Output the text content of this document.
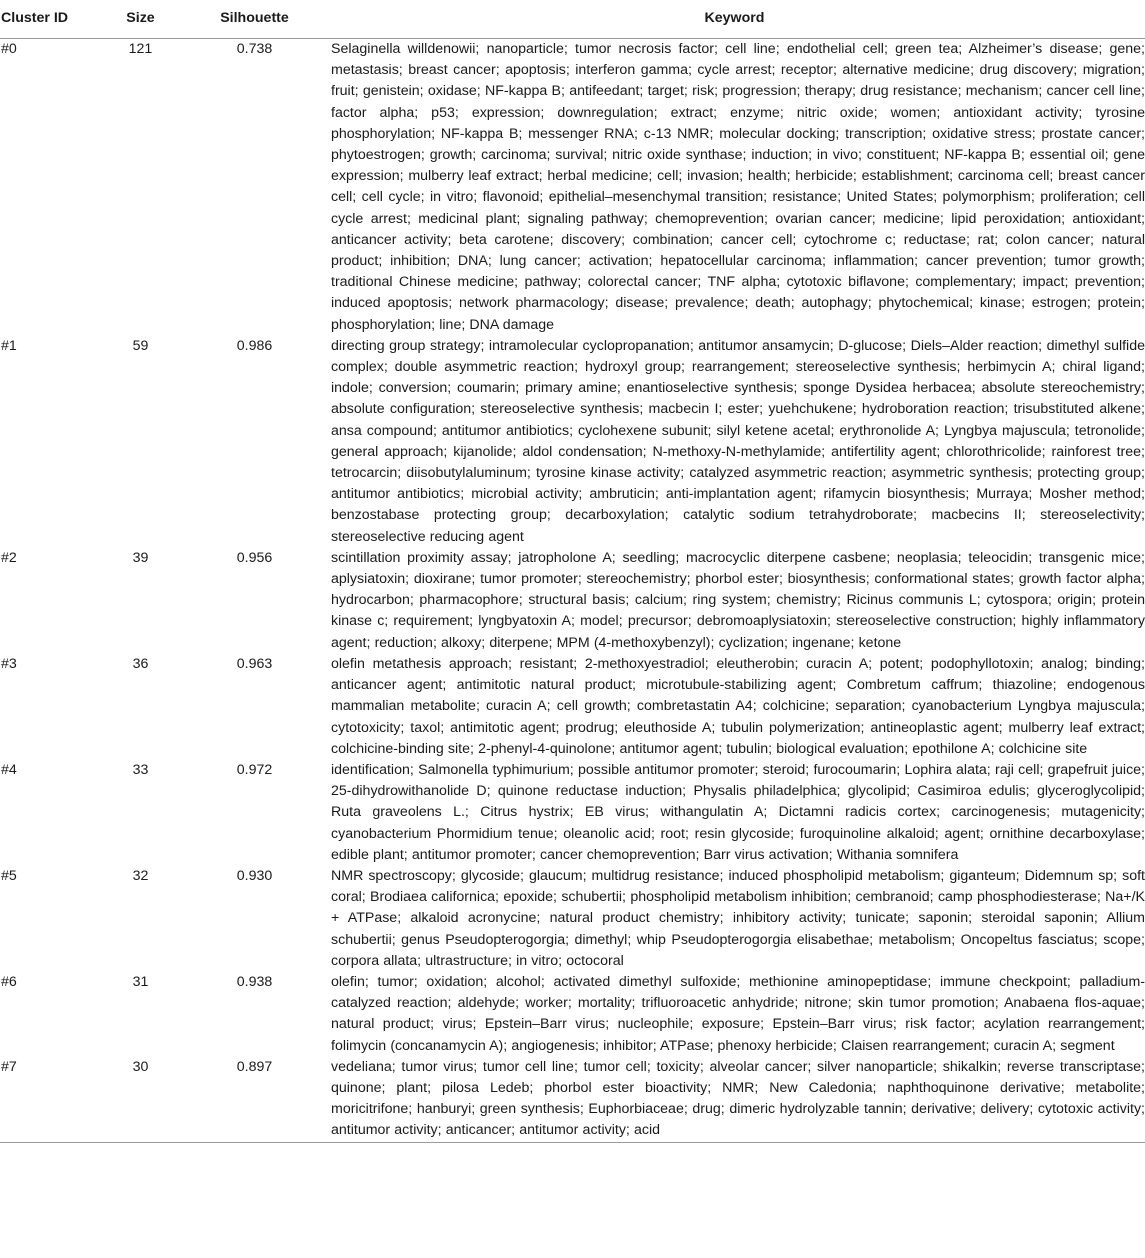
Cluster ID	Size	Silhouette	Keyword
#0	121	0.738	Selaginella willdenowii; nanoparticle; tumor necrosis factor; cell line; endothelial cell; green tea; Alzheimer’s disease; gene; metastasis; breast cancer; apoptosis; interferon gamma; cycle arrest; receptor; alternative medicine; drug discovery; migration; fruit; genistein; oxidase; NF-kappa B; antifeedant; target; risk; progression; therapy; drug resistance; mechanism; cancer cell line; factor alpha; p53; expression; downregulation; extract; enzyme; nitric oxide; women; antioxidant activity; tyrosine phosphorylation; NF-kappa B; messenger RNA; c-13 NMR; molecular docking; transcription; oxidative stress; prostate cancer; phytoestrogen; growth; carcinoma; survival; nitric oxide synthase; induction; in vivo; constituent; NF-kappa B; essential oil; gene expression; mulberry leaf extract; herbal medicine; cell; invasion; health; herbicide; establishment; carcinoma cell; breast cancer cell; cell cycle; in vitro; flavonoid; epithelial–mesenchymal transition; resistance; United States; polymorphism; proliferation; cell cycle arrest; medicinal plant; signaling pathway; chemoprevention; ovarian cancer; medicine; lipid peroxidation; antioxidant; anticancer activity; beta carotene; discovery; combination; cancer cell; cytochrome c; reductase; rat; colon cancer; natural product; inhibition; DNA; lung cancer; activation; hepatocellular carcinoma; inflammation; cancer prevention; tumor growth; traditional Chinese medicine; pathway; colorectal cancer; TNF alpha; cytotoxic biflavone; complementary; impact; prevention; induced apoptosis; network pharmacology; disease; prevalence; death; autophagy; phytochemical; kinase; estrogen; protein; phosphorylation; line; DNA damage
#1	59	0.986	directing group strategy; intramolecular cyclopropanation; antitumor ansamycin; D-glucose; Diels–Alder reaction; dimethyl sulfide complex; double asymmetric reaction; hydroxyl group; rearrangement; stereoselective synthesis; herbimycin A; chiral ligand; indole; conversion; coumarin; primary amine; enantioselective synthesis; sponge Dysidea herbacea; absolute stereochemistry; absolute configuration; stereoselective synthesis; macbecin I; ester; yuehchukene; hydroboration reaction; trisubstituted alkene; ansa compound; antitumor antibiotics; cyclohexene subunit; silyl ketene acetal; erythronolide A; Lyngbya majuscula; tetronolide; general approach; kijanolide; aldol condensation; N-methoxy-N-methylamide; antifertility agent; chlorothricolide; rainforest tree; tetrocarcin; diisobutylaluminum; tyrosine kinase activity; catalyzed asymmetric reaction; asymmetric synthesis; protecting group; antitumor antibiotics; microbial activity; ambruticin; anti-implantation agent; rifamycin biosynthesis; Murraya; Mosher method; benzostabase protecting group; decarboxylation; catalytic sodium tetrahydroborate; macbecins II; stereoselectivity; stereoselective reducing agent
#2	39	0.956	scintillation proximity assay; jatropholone A; seedling; macrocyclic diterpene casbene; neoplasia; teleocidin; transgenic mice; aplysiatoxin; dioxirane; tumor promoter; stereochemistry; phorbol ester; biosynthesis; conformational states; growth factor alpha; hydrocarbon; pharmacophore; structural basis; calcium; ring system; chemistry; Ricinus communis L; cytospora; origin; protein kinase c; requirement; lyngbyatoxin A; model; precursor; debromoaplysiatoxin; stereoselective construction; highly inflammatory agent; reduction; alkoxy; diterpene; MPM (4-methoxybenzyl); cyclization; ingenane; ketone
#3	36	0.963	olefin metathesis approach; resistant; 2-methoxyestradiol; eleutherobin; curacin A; potent; podophyllotoxin; analog; binding; anticancer agent; antimitotic natural product; microtubule-stabilizing agent; Combretum caffrum; thiazoline; endogenous mammalian metabolite; curacin A; cell growth; combretastatin A4; colchicine; separation; cyanobacterium Lyngbya majuscula; cytotoxicity; taxol; antimitotic agent; prodrug; eleuthoside A; tubulin polymerization; antineoplastic agent; mulberry leaf extract; colchicine-binding site; 2-phenyl-4-quinolone; antitumor agent; tubulin; biological evaluation; epothilone A; colchicine site
#4	33	0.972	identification; Salmonella typhimurium; possible antitumor promoter; steroid; furocoumarin; Lophira alata; raji cell; grapefruit juice; 25-dihydrowithanolide D; quinone reductase induction; Physalis philadelphica; glycolipid; Casimiroa edulis; glyceroglycolipid; Ruta graveolens L.; Citrus hystrix; EB virus; withangulatin A; Dictamni radicis cortex; carcinogenesis; mutagenicity; cyanobacterium Phormidium tenue; oleanolic acid; root; resin glycoside; furoquinoline alkaloid; agent; ornithine decarboxylase; edible plant; antitumor promoter; cancer chemoprevention; Barr virus activation; Withania somnifera
#5	32	0.930	NMR spectroscopy; glycoside; glaucum; multidrug resistance; induced phospholipid metabolism; giganteum; Didemnum sp; soft coral; Brodiaea californica; epoxide; schubertii; phospholipid metabolism inhibition; cembranoid; camp phosphodiesterase; Na+/K + ATPase; alkaloid acronycine; natural product chemistry; inhibitory activity; tunicate; saponin; steroidal saponin; Allium schubertii; genus Pseudopterogorgia; dimethyl; whip Pseudopterogorgia elisabethae; metabolism; Oncopeltus fasciatus; scope; corpora allata; ultrastructure; in vitro; octocoral
#6	31	0.938	olefin; tumor; oxidation; alcohol; activated dimethyl sulfoxide; methionine aminopeptidase; immune checkpoint; palladium-catalyzed reaction; aldehyde; worker; mortality; trifluoroacetic anhydride; nitrone; skin tumor promotion; Anabaena flos-aquae; natural product; virus; Epstein–Barr virus; nucleophile; exposure; Epstein–Barr virus; risk factor; acylation rearrangement; folimycin (concanamycin A); angiogenesis; inhibitor; ATPase; phenoxy herbicide; Claisen rearrangement; curacin A; segment
#7	30	0.897	vedeliana; tumor virus; tumor cell line; tumor cell; toxicity; alveolar cancer; silver nanoparticle; shikalkin; reverse transcriptase; quinone; plant; pilosa Ledeb; phorbol ester bioactivity; NMR; New Caledonia; naphthoquinone derivative; metabolite; moricitrifone; hanburyi; green synthesis; Euphorbiaceae; drug; dimeric hydrolyzable tannin; derivative; delivery; cytotoxic activity; antitumor activity; anticancer; antitumor activity; acid
